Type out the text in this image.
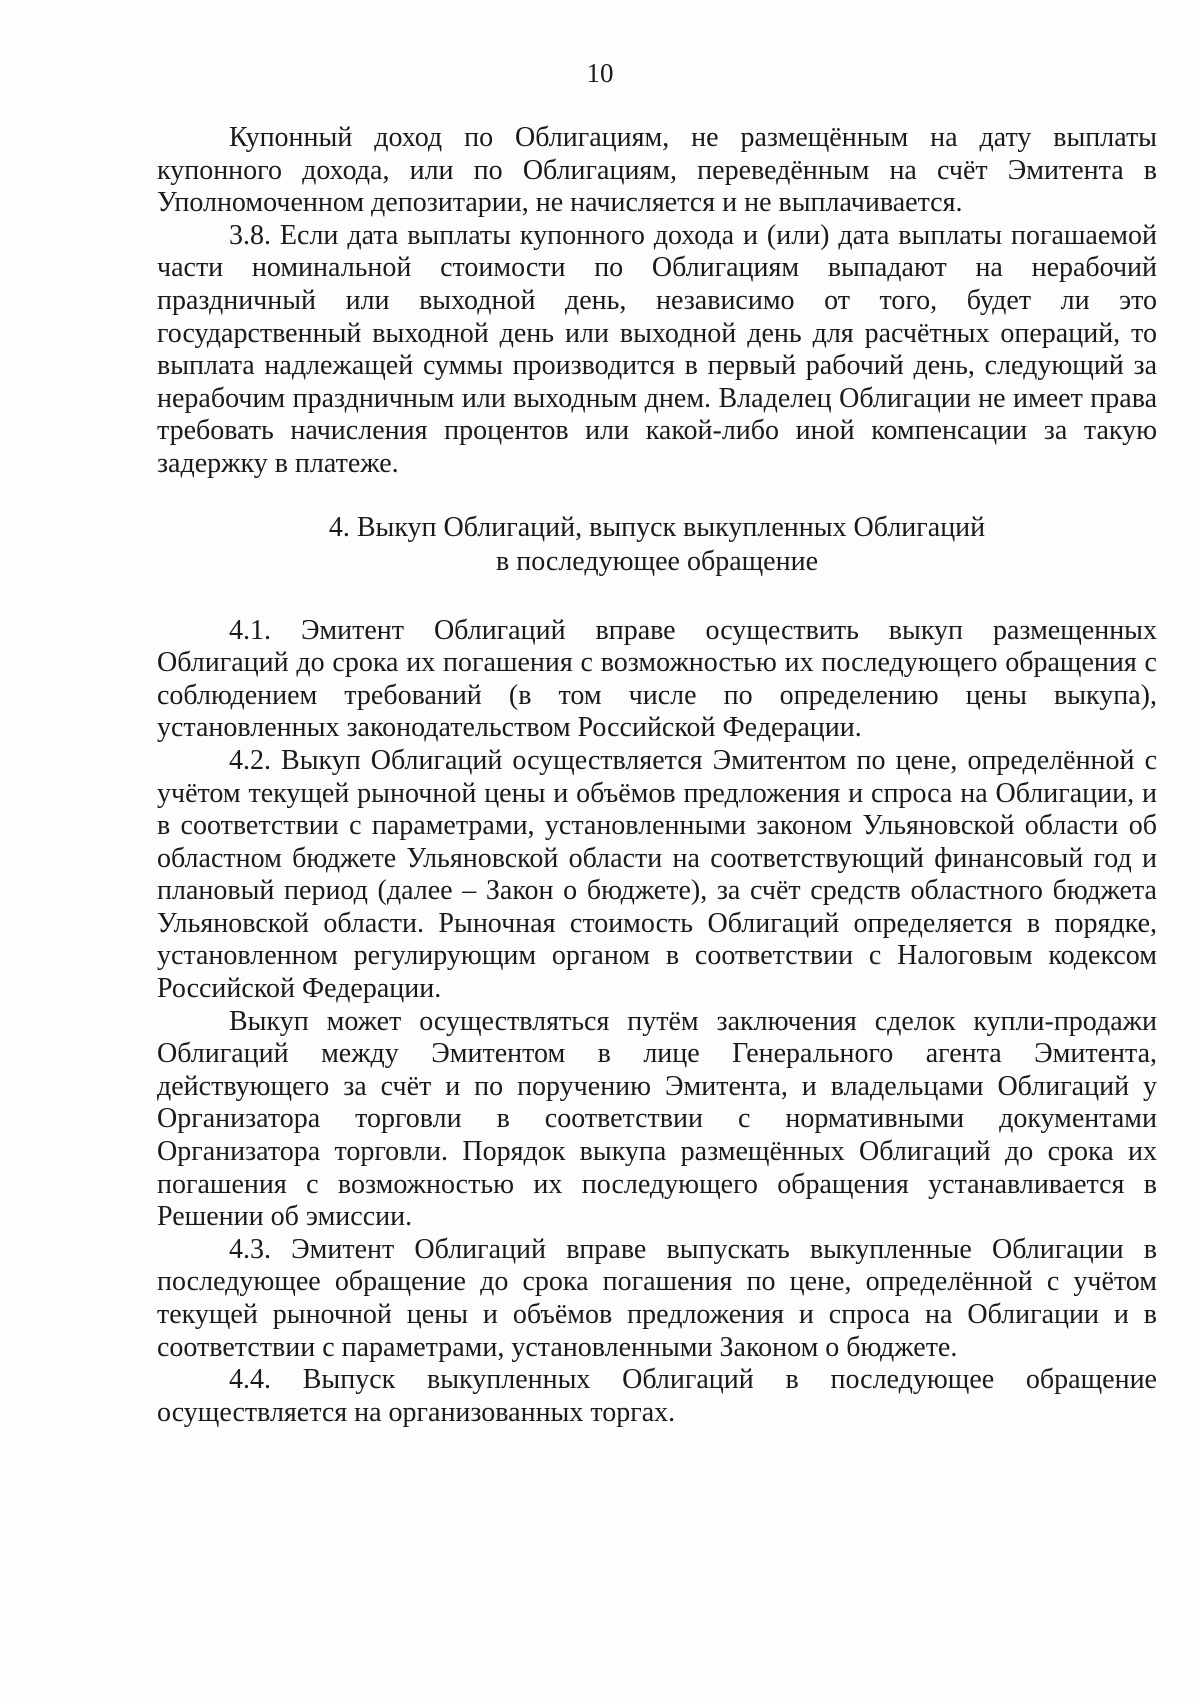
10

Купонный доход по Облигациям, не размещённым на дату выплаты купонного дохода, или по Облигациям, переведённым на счёт Эмитента в Уполномоченном депозитарии, не начисляется и не выплачивается.

3.8. Если дата выплаты купонного дохода и (или) дата выплаты погашаемой части номинальной стоимости по Облигациям выпадают на нерабочий праздничный или выходной день, независимо от того, будет ли это государственный выходной день или выходной день для расчётных операций, то выплата надлежащей суммы производится в первый рабочий день, следующий за нерабочим праздничным или выходным днем. Владелец Облигации не имеет права требовать начисления процентов или какой-либо иной компенсации за такую задержку в платеже.

4. Выкуп Облигаций, выпуск выкупленных Облигаций
в последующее обращение

4.1. Эмитент Облигаций вправе осуществить выкуп размещенных Облигаций до срока их погашения с возможностью их последующего обращения с соблюдением требований (в том числе по определению цены выкупа), установленных законодательством Российской Федерации.

4.2. Выкуп Облигаций осуществляется Эмитентом по цене, определённой с учётом текущей рыночной цены и объёмов предложения и спроса на Облигации, и в соответствии с параметрами, установленными законом Ульяновской области об областном бюджете Ульяновской области на соответствующий финансовый год и плановый период (далее – Закон о бюджете), за счёт средств областного бюджета Ульяновской области. Рыночная стоимость Облигаций определяется в порядке, установленном регулирующим органом в соответствии с Налоговым кодексом Российской Федерации.

Выкуп может осуществляться путём заключения сделок купли-продажи Облигаций между Эмитентом в лице Генерального агента Эмитента, действующего за счёт и по поручению Эмитента, и владельцами Облигаций у Организатора торговли в соответствии с нормативными документами Организатора торговли. Порядок выкупа размещённых Облигаций до срока их погашения с возможностью их последующего обращения устанавливается в Решении об эмиссии.

4.3. Эмитент Облигаций вправе выпускать выкупленные Облигации в последующее обращение до срока погашения по цене, определённой с учётом текущей рыночной цены и объёмов предложения и спроса на Облигации и в соответствии с параметрами, установленными Законом о бюджете.

4.4. Выпуск выкупленных Облигаций в последующее обращение осуществляется на организованных торгах.
